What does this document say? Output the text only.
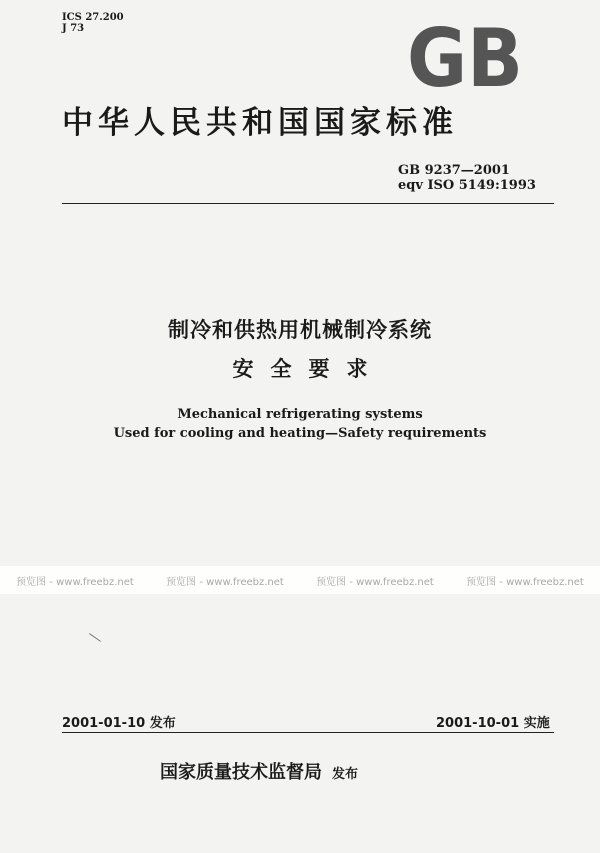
ICS 27.200
J 73	GB
中华人民共和国国家标准
GB 9237—2001
eqv ISO 5149:1993
制冷和供热用机械制冷系统
安全要求
Mechanical refrigerating systems
Used for cooling and heating—Safety requirements
预览图 - www.freebz.net	预览图 - www.freebz.net	预览图 - www.freebz.net	预览图 - www.freebz.net
2001-01-10 发布	2001-10-01 实施
国家质量技术监督局 发布
